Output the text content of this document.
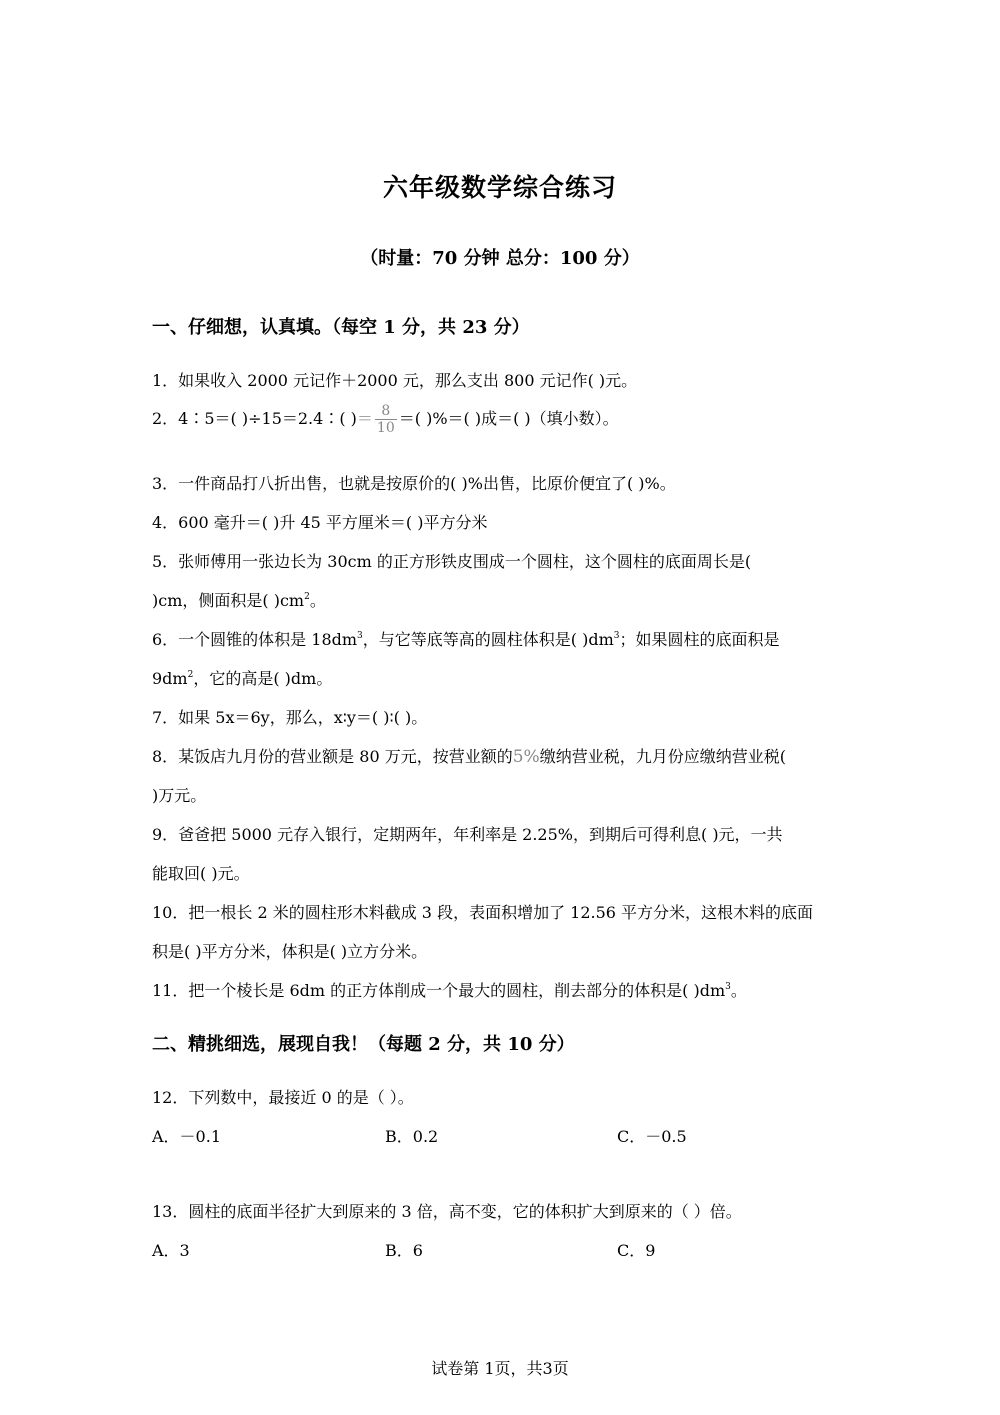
六年级数学综合练习
（时量：70 分钟 总分：100 分）
一、仔细想，认真填。（每空 1 分，共 23 分）
1．如果收入 2000 元记作＋2000 元，那么支出 800 元记作( )元。
2．4∶5＝( )÷15＝2.4∶( )＝ $\frac{8}{10}$ ＝( )%＝( )成＝( )（填小数）。
3．一件商品打八折出售，也就是按原价的( )%出售，比原价便宜了( )%。
4．600 毫升＝( )升 45 平方厘米＝( )平方分米
5．张师傅用一张边长为 30cm 的正方形铁皮围成一个圆柱，这个圆柱的底面周长是(
)cm，侧面积是( )$cm^2$。
6．一个圆锥的体积是 $18dm^3$，与它等底等高的圆柱体积是( )$dm^3$；如果圆柱的底面积是
$9dm^2$，它的高是( )dm。
7．如果 5x＝6y，那么，x∶y＝( )∶( )。
8．某饭店九月份的营业额是 80 万元，按营业额的5%缴纳营业税，九月份应缴纳营业税(
)万元。
9．爸爸把 5000 元存入银行，定期两年，年利率是 2.25%，到期后可得利息( )元，一共
能取回( )元。
10．把一根长 2 米的圆柱形木料截成 3 段，表面积增加了 12.56 平方分米，这根木料的底面
积是( )平方分米，体积是( )立方分米。
11．把一个棱长是 6dm 的正方体削成一个最大的圆柱，削去部分的体积是( )$dm^3$。
二、精挑细选，展现自我！（每题 2 分，共 10 分）
12．下列数中，最接近 0 的是（ ）。
A．－0.1	B．0.2	C．－0.5
13．圆柱的底面半径扩大到原来的 3 倍，高不变，它的体积扩大到原来的（ ）倍。
A．3	B．6	C．9
试卷第 1页，共3页
